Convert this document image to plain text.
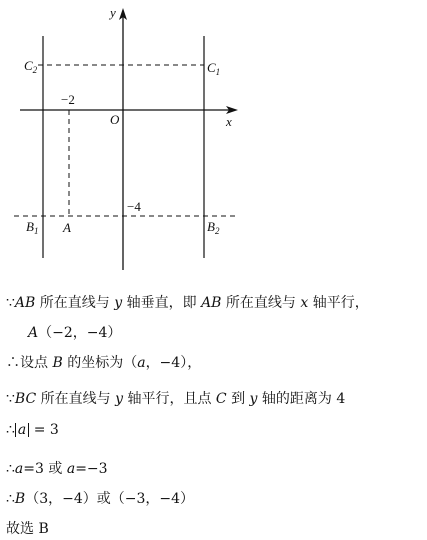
y
x
O
$C_2$	$C_1$
$B_1$	$B_2$
A
−2
−4
∵AB 所在直线与 y 轴垂直，即 AB 所在直线与 x 轴平行，
A（−2，−4）
∴设点 B 的坐标为（a，−4），
∵BC 所在直线与 y 轴平行，且点 C 到 y 轴的距离为 4
∴ a = 3
∴a=3 或 a=−3
∴B（3，−4）或（−3，−4）
故选 B
